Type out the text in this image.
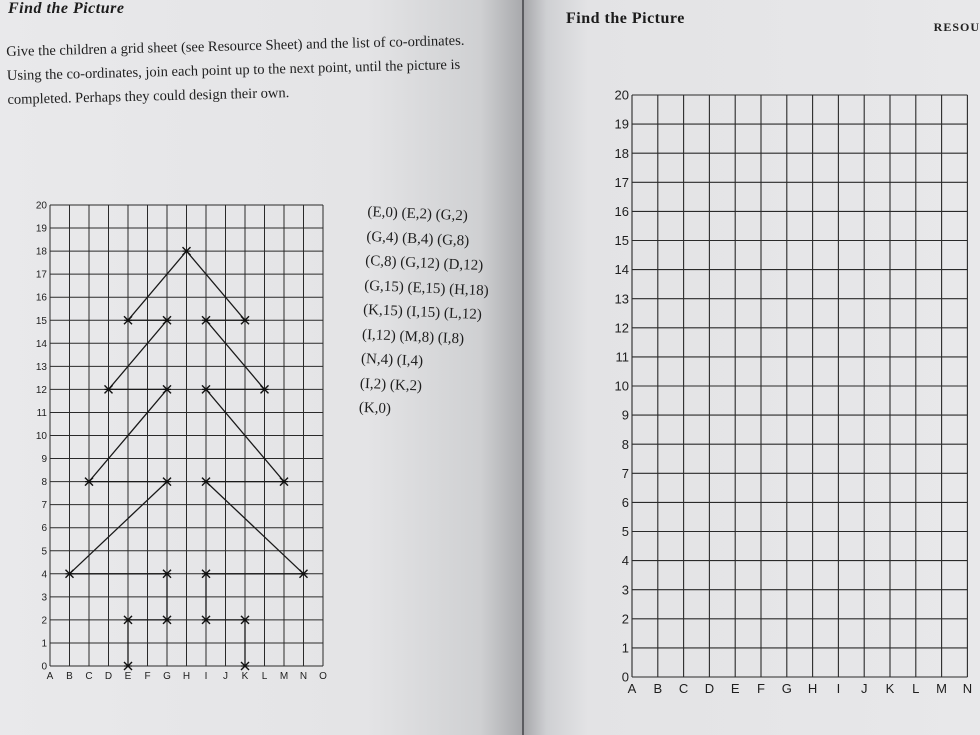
Find the Picture
Give the children a grid sheet (see Resource Sheet) and the list of co-ordinates. Using the co-ordinates, join each point up to the next point, until the picture is completed. Perhaps they could design their own.
0
1
2
3
4
5
6
7
8
9
10
11
12
13
14
15
16
17
18
19
20
A B C D E F G H I J K L M N O
(E,0) (E,2) (G,2)
(G,4) (B,4) (G,8)
(C,8) (G,12) (D,12)
(G,15) (E,15) (H,18)
(K,15) (I,15) (L,12)
(I,12) (M,8) (I,8)
(N,4) (I,4)
(I,2) (K,2)
(K,0)
Find the Picture	RESOU
0
1
2
3
4
5
6
7
8
9
10
11
12
13
14
15
16
17
18
19
20
A B C D E F G H I J K L M N
